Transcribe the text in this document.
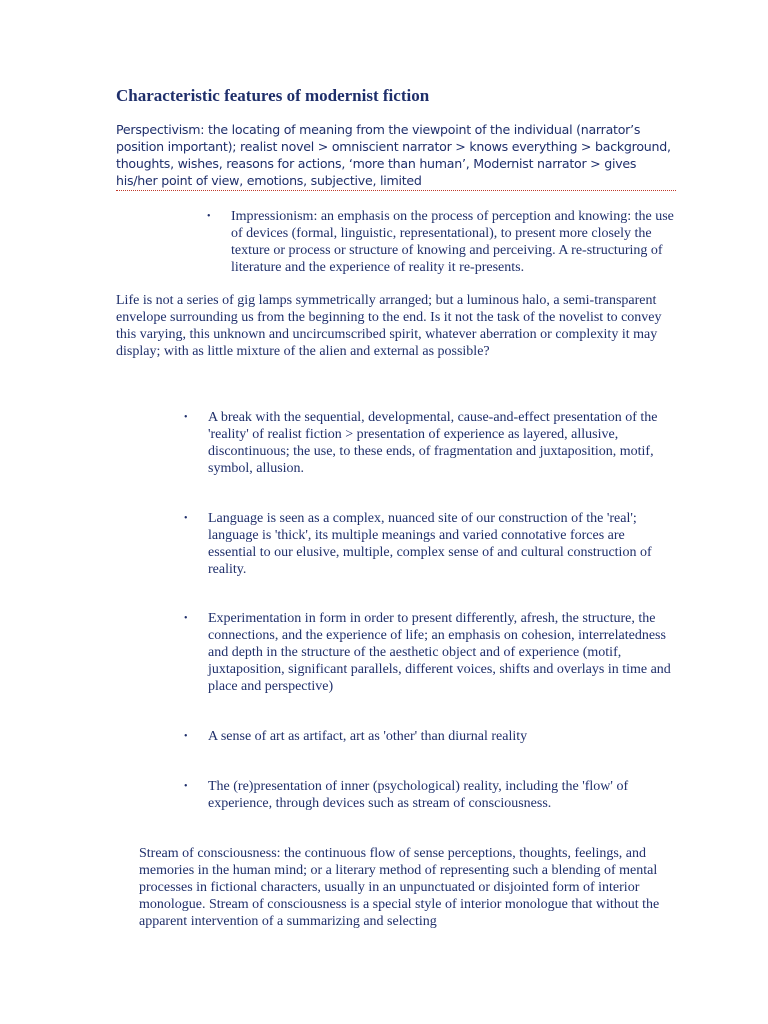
Characteristic features of modernist fiction
Perspectivism: the locating of meaning from the viewpoint of the individual (narrator’s position important); realist novel > omniscient narrator > knows everything > background, thoughts, wishes, reasons for actions, ‘more than human’, Modernist narrator > gives his/her point of view, emotions, subjective, limited
• Impressionism: an emphasis on the process of perception and knowing: the use of devices (formal, linguistic, representational), to present more closely the texture or process or structure of knowing and perceiving. A re-structuring of literature and the experience of reality it re-presents.
Life is not a series of gig lamps symmetrically arranged; but a luminous halo, a semi-transparent envelope surrounding us from the beginning to the end. Is it not the task of the novelist to convey this varying, this unknown and uncircumscribed spirit, whatever aberration or complexity it may display; with as little mixture of the alien and external as possible?
• A break with the sequential, developmental, cause-and-effect presentation of the 'reality' of realist fiction > presentation of experience as layered, allusive, discontinuous; the use, to these ends, of fragmentation and juxtaposition, motif, symbol, allusion.
• Language is seen as a complex, nuanced site of our construction of the 'real'; language is 'thick', its multiple meanings and varied connotative forces are essential to our elusive, multiple, complex sense of and cultural construction of reality.
• Experimentation in form in order to present differently, afresh, the structure, the connections, and the experience of life; an emphasis on cohesion, interrelatedness and depth in the structure of the aesthetic object and of experience (motif, juxtaposition, significant parallels, different voices, shifts and overlays in time and place and perspective)
• A sense of art as artifact, art as 'other' than diurnal reality
• The (re)presentation of inner (psychological) reality, including the 'flow' of experience, through devices such as stream of consciousness.
Stream of consciousness: the continuous flow of sense perceptions, thoughts, feelings, and memories in the human mind; or a literary method of representing such a blending of mental processes in fictional characters, usually in an unpunctuated or disjointed form of interior monologue. Stream of consciousness is a special style of interior monologue that without the apparent intervention of a summarizing and selecting
